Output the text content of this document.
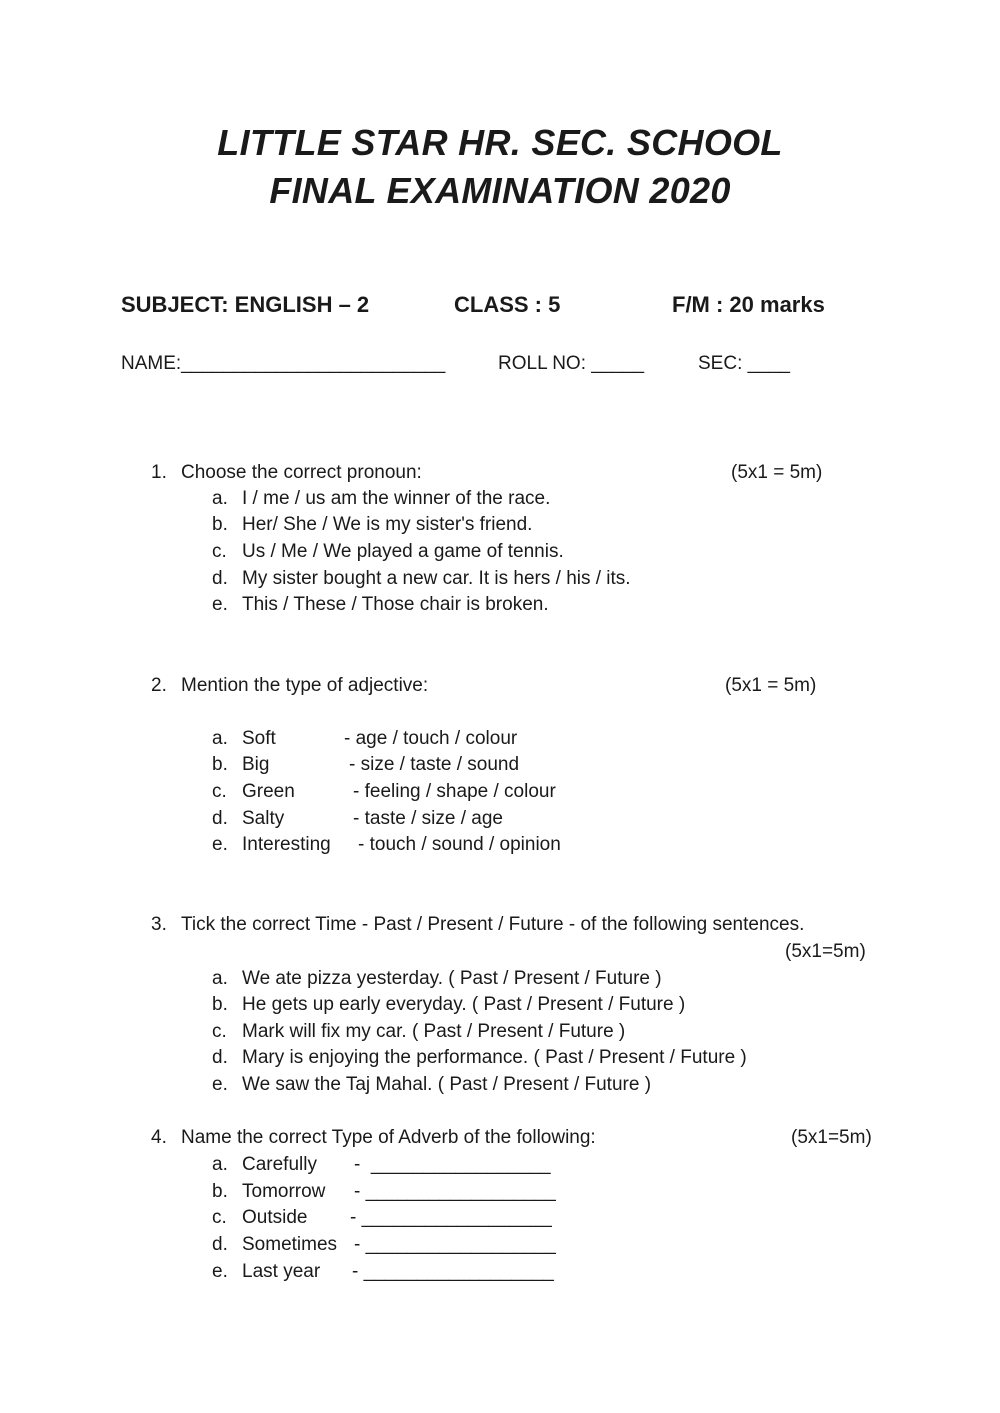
LITTLE STAR HR. SEC. SCHOOL
FINAL EXAMINATION 2020
SUBJECT: ENGLISH – 2	CLASS : 5	F/M : 20 marks
NAME:_________________________	ROLL NO: _____	SEC: ____
1. Choose the correct pronoun:	(5x1 = 5m)
a. I / me / us am the winner of the race.
b. Her/ She / We is my sister's friend.
c. Us / Me / We played a game of tennis.
d. My sister bought a new car. It is hers / his / its.
e. This / These / Those chair is broken.
2. Mention the type of adjective:	(5x1 = 5m)
a. Soft	- age / touch / colour
b. Big	- size / taste / sound
c. Green	- feeling / shape / colour
d. Salty	- taste / size / age
e. Interesting - touch / sound / opinion
3. Tick the correct Time - Past / Present / Future - of the following sentences.
(5x1=5m)
a. We ate pizza yesterday. ( Past / Present / Future )
b. He gets up early everyday. ( Past / Present / Future )
c. Mark will fix my car. ( Past / Present / Future )
d. Mary is enjoying the performance. ( Past / Present / Future )
e. We saw the Taj Mahal. ( Past / Present / Future )
4. Name the correct Type of Adverb of the following:	(5x1=5m)
a. Carefully -  _________________
b. Tomorrow - __________________
c. Outside - __________________
d. Sometimes - __________________
e. Last year - __________________
